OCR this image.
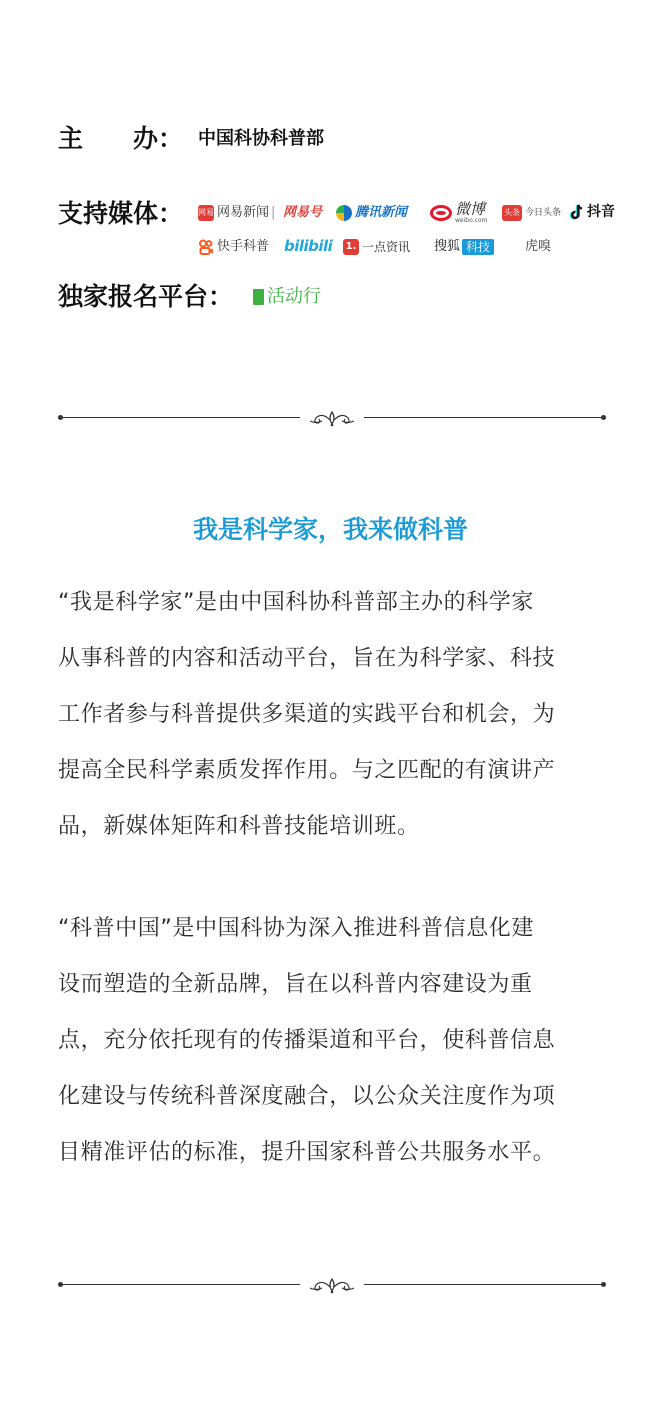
主　　办： 中国科协科普部
支持媒体： 网易 网易新闻 | 网易号	腾讯新闻	微博
weibo.com
头条 今日头条 抖音
快手科普 bilibili 1. 一点资讯 搜狐 科技	虎嗅
独家报名平台： 活动行
我是科学家，我来做科普
“我是科学家”是由中国科协科普部主办的科学家
从事科普的内容和活动平台，旨在为科学家、科技
工作者参与科普提供多渠道的实践平台和机会，为
提高全民科学素质发挥作用。与之匹配的有演讲产
品，新媒体矩阵和科普技能培训班。
“科普中国”是中国科协为深入推进科普信息化建
设而塑造的全新品牌，旨在以科普内容建设为重
点，充分依托现有的传播渠道和平台，使科普信息
化建设与传统科普深度融合，以公众关注度作为项
目精准评估的标准，提升国家科普公共服务水平。
